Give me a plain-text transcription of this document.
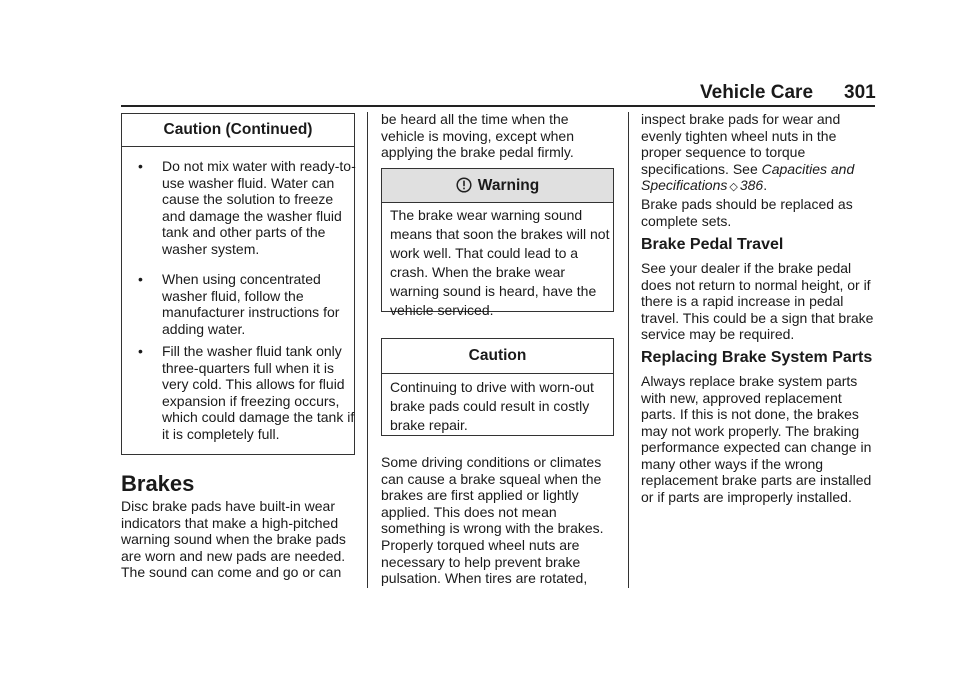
Vehicle Care 301
Caution (Continued)
•	Do not mix water with ready-to-use washer fluid. Water can cause the solution to freeze and damage the washer fluid tank and other parts of the washer system.
•	When using concentrated washer fluid, follow the manufacturer instructions for adding water.
•	Fill the washer fluid tank only three-quarters full when it is very cold. This allows for fluid expansion if freezing occurs, which could damage the tank if it is completely full.
Brakes
Disc brake pads have built-in wear indicators that make a high-pitched warning sound when the brake pads are worn and new pads are needed. The sound can come and go or can
be heard all the time when the vehicle is moving, except when applying the brake pedal firmly.
Warning
The brake wear warning sound means that soon the brakes will not work well. That could lead to a crash. When the brake wear warning sound is heard, have the vehicle serviced.
Caution
Continuing to drive with worn-out brake pads could result in costly brake repair.
Some driving conditions or climates can cause a brake squeal when the brakes are first applied or lightly applied. This does not mean something is wrong with the brakes.
Properly torqued wheel nuts are necessary to help prevent brake pulsation. When tires are rotated,
inspect brake pads for wear and evenly tighten wheel nuts in the proper sequence to torque specifications. See Capacities and Specifications ◇ 386.
Brake pads should be replaced as complete sets.
Brake Pedal Travel
See your dealer if the brake pedal does not return to normal height, or if there is a rapid increase in pedal travel. This could be a sign that brake service may be required.
Replacing Brake System Parts
Always replace brake system parts with new, approved replacement parts. If this is not done, the brakes may not work properly. The braking performance expected can change in many other ways if the wrong replacement brake parts are installed or if parts are improperly installed.
